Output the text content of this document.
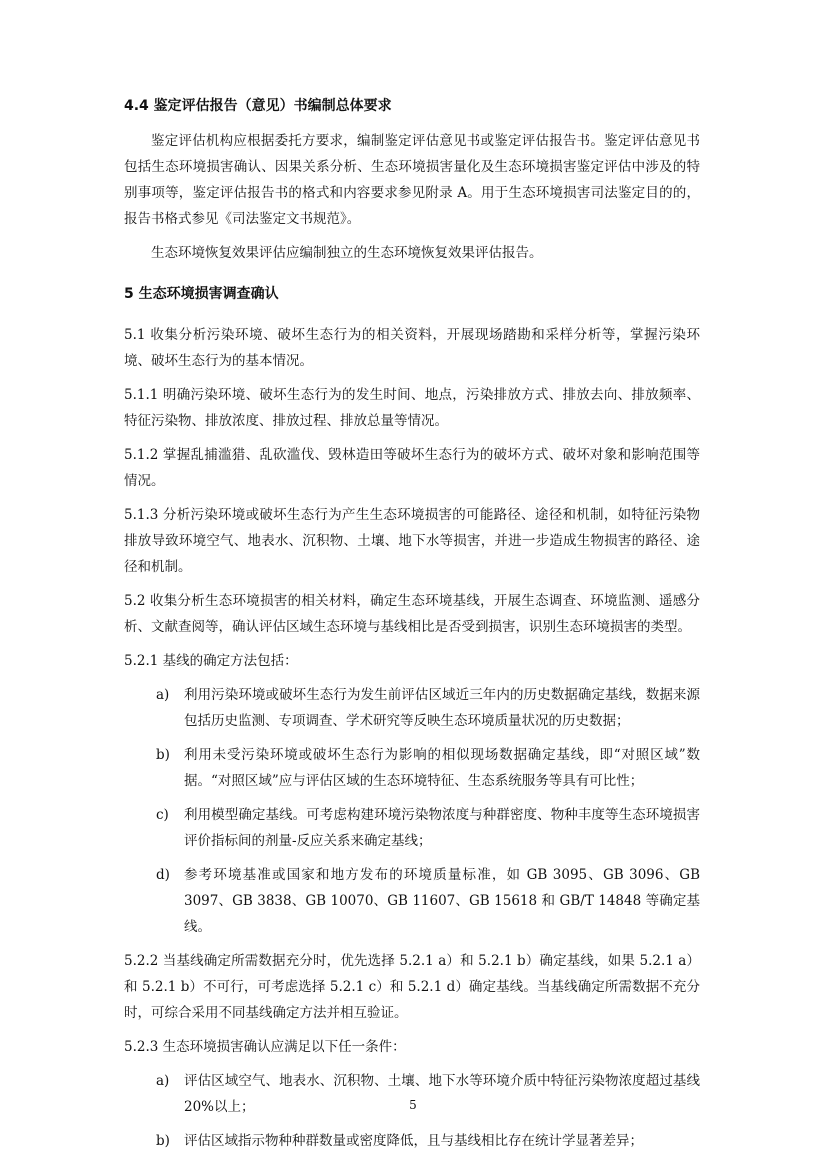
4.4 鉴定评估报告（意见）书编制总体要求

鉴定评估机构应根据委托方要求，编制鉴定评估意见书或鉴定评估报告书。鉴定评估意见书包括生态环境损害确认、因果关系分析、生态环境损害量化及生态环境损害鉴定评估中涉及的特别事项等，鉴定评估报告书的格式和内容要求参见附录 A。用于生态环境损害司法鉴定目的的，报告书格式参见《司法鉴定文书规范》。

生态环境恢复效果评估应编制独立的生态环境恢复效果评估报告。

5 生态环境损害调查确认

5.1 收集分析污染环境、破坏生态行为的相关资料，开展现场踏勘和采样分析等，掌握污染环境、破坏生态行为的基本情况。

5.1.1 明确污染环境、破坏生态行为的发生时间、地点，污染排放方式、排放去向、排放频率、特征污染物、排放浓度、排放过程、排放总量等情况。

5.1.2 掌握乱捕滥猎、乱砍滥伐、毁林造田等破坏生态行为的破坏方式、破坏对象和影响范围等情况。

5.1.3 分析污染环境或破坏生态行为产生生态环境损害的可能路径、途径和机制，如特征污染物排放导致环境空气、地表水、沉积物、土壤、地下水等损害，并进一步造成生物损害的路径、途径和机制。

5.2 收集分析生态环境损害的相关材料，确定生态环境基线，开展生态调查、环境监测、遥感分析、文献查阅等，确认评估区域生态环境与基线相比是否受到损害，识别生态环境损害的类型。

5.2.1 基线的确定方法包括：

a) 利用污染环境或破坏生态行为发生前评估区域近三年内的历史数据确定基线，数据来源包括历史监测、专项调查、学术研究等反映生态环境质量状况的历史数据；
b) 利用未受污染环境或破坏生态行为影响的相似现场数据确定基线，即“对照区域”数据。“对照区域”应与评估区域的生态环境特征、生态系统服务等具有可比性；
c) 利用模型确定基线。可考虑构建环境污染物浓度与种群密度、物种丰度等生态环境损害评价指标间的剂量-反应关系来确定基线；
d) 参考环境基准或国家和地方发布的环境质量标准，如 GB 3095、GB 3096、GB 3097、GB 3838、GB 10070、GB 11607、GB 15618 和 GB/T 14848 等确定基线。

5.2.2 当基线确定所需数据充分时，优先选择 5.2.1 a）和 5.2.1 b）确定基线，如果 5.2.1 a）和 5.2.1 b）不可行，可考虑选择 5.2.1 c）和 5.2.1 d）确定基线。当基线确定所需数据不充分时，可综合采用不同基线确定方法并相互验证。

5.2.3 生态环境损害确认应满足以下任一条件：

a) 评估区域空气、地表水、沉积物、土壤、地下水等环境介质中特征污染物浓度超过基线 20%以上；
b) 评估区域指示物种种群数量或密度降低，且与基线相比存在统计学显著差异；
5
